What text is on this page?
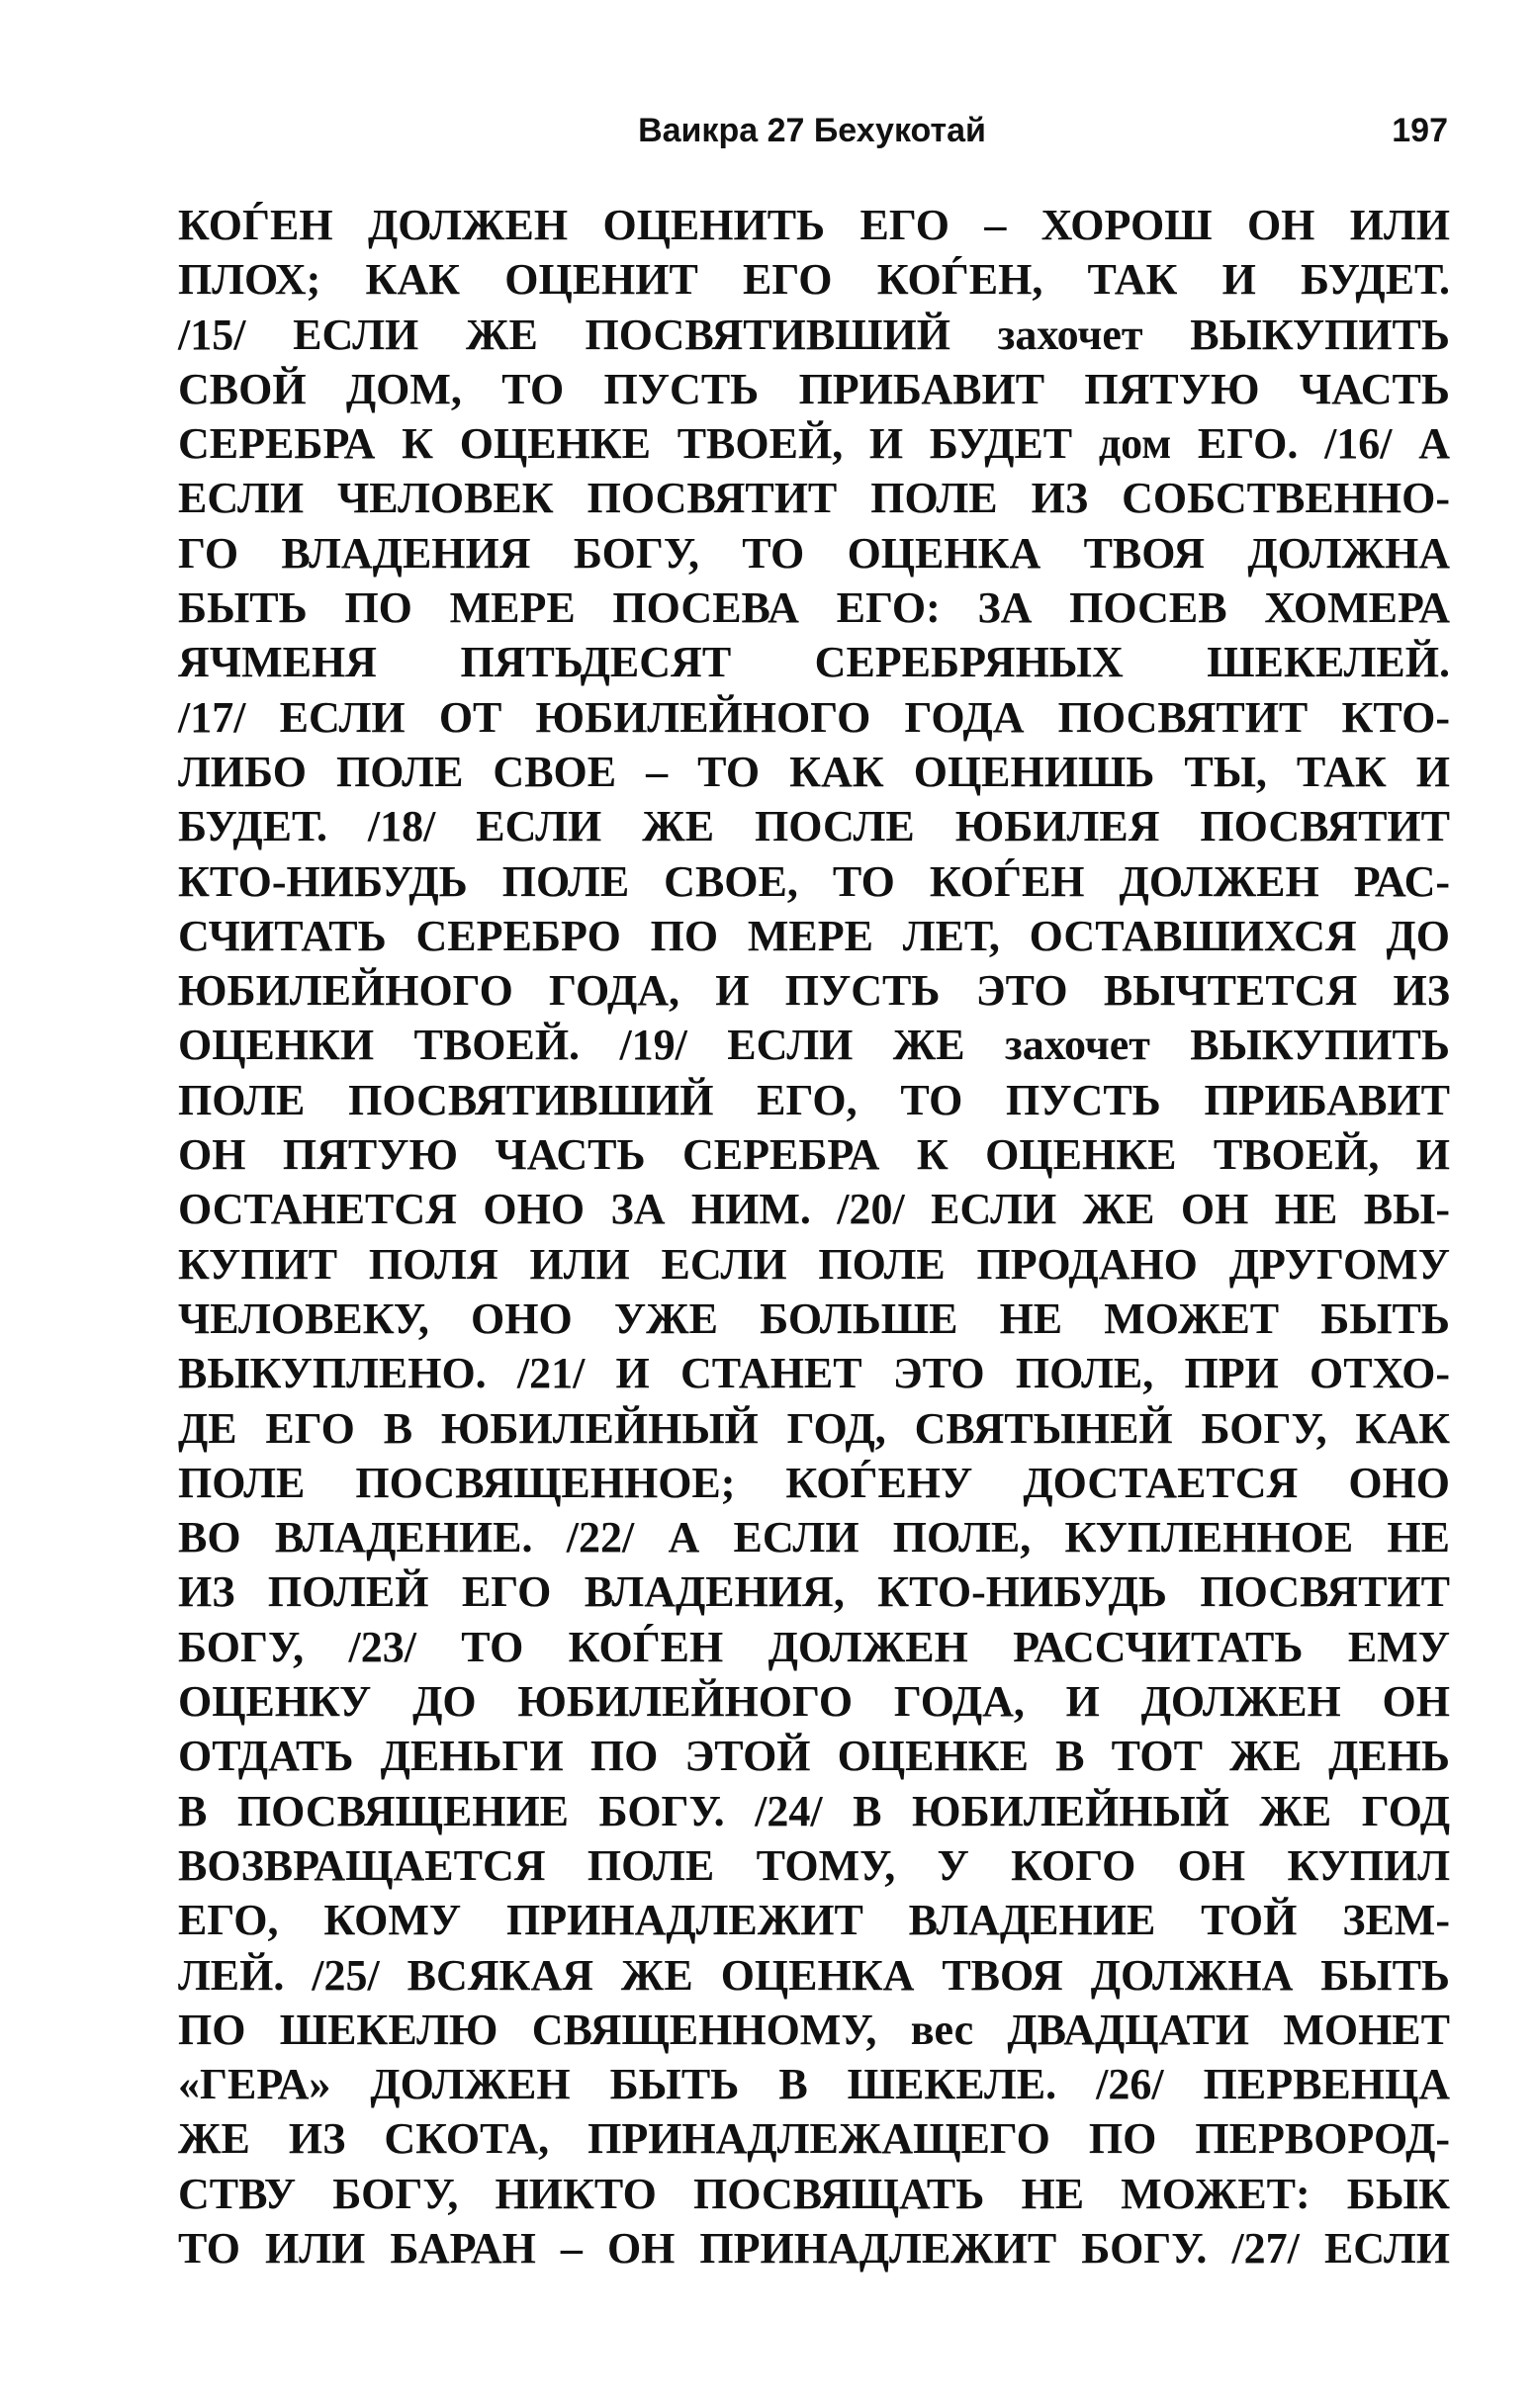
Ваикра 27 Бехукотай	197
КОЃЕН ДОЛЖЕН ОЦЕНИТЬ ЕГО – ХОРОШ ОН ИЛИ
ПЛОХ; КАК ОЦЕНИТ ЕГО КОЃЕН, ТАК И БУДЕТ.
/15/ ЕСЛИ ЖЕ ПОСВЯТИВШИЙ захочет ВЫКУПИТЬ
СВОЙ ДОМ, ТО ПУСТЬ ПРИБАВИТ ПЯТУЮ ЧАСТЬ
СЕРЕБРА К ОЦЕНКЕ ТВОЕЙ, И БУДЕТ дом ЕГО. /16/ А
ЕСЛИ ЧЕЛОВЕК ПОСВЯТИТ ПОЛЕ ИЗ СОБСТВЕННО-
ГО ВЛАДЕНИЯ БОГУ, ТО ОЦЕНКА ТВОЯ ДОЛЖНА
БЫТЬ ПО МЕРЕ ПОСЕВА ЕГО: ЗА ПОСЕВ ХОМЕРА
ЯЧМЕНЯ ПЯТЬДЕСЯТ СЕРЕБРЯНЫХ ШЕКЕЛЕЙ.
/17/ ЕСЛИ ОТ ЮБИЛЕЙНОГО ГОДА ПОСВЯТИТ КТО-
ЛИБО ПОЛЕ СВОЕ – ТО КАК ОЦЕНИШЬ ТЫ, ТАК И
БУДЕТ. /18/ ЕСЛИ ЖЕ ПОСЛЕ ЮБИЛЕЯ ПОСВЯТИТ
КТО-НИБУДЬ ПОЛЕ СВОЕ, ТО КОЃЕН ДОЛЖЕН РАС-
СЧИТАТЬ СЕРЕБРО ПО МЕРЕ ЛЕТ, ОСТАВШИХСЯ ДО
ЮБИЛЕЙНОГО ГОДА, И ПУСТЬ ЭТО ВЫЧТЕТСЯ ИЗ
ОЦЕНКИ ТВОЕЙ. /19/ ЕСЛИ ЖЕ захочет ВЫКУПИТЬ
ПОЛЕ ПОСВЯТИВШИЙ ЕГО, ТО ПУСТЬ ПРИБАВИТ
ОН ПЯТУЮ ЧАСТЬ СЕРЕБРА К ОЦЕНКЕ ТВОЕЙ, И
ОСТАНЕТСЯ ОНО ЗА НИМ. /20/ ЕСЛИ ЖЕ ОН НЕ ВЫ-
КУПИТ ПОЛЯ ИЛИ ЕСЛИ ПОЛЕ ПРОДАНО ДРУГОМУ
ЧЕЛОВЕКУ, ОНО УЖЕ БОЛЬШЕ НЕ МОЖЕТ БЫТЬ
ВЫКУПЛЕНО. /21/ И СТАНЕТ ЭТО ПОЛЕ, ПРИ ОТХО-
ДЕ ЕГО В ЮБИЛЕЙНЫЙ ГОД, СВЯТЫНЕЙ БОГУ, КАК
ПОЛЕ ПОСВЯЩЕННОЕ; КОЃЕНУ ДОСТАЕТСЯ ОНО
ВО ВЛАДЕНИЕ. /22/ А ЕСЛИ ПОЛЕ, КУПЛЕННОЕ НЕ
ИЗ ПОЛЕЙ ЕГО ВЛАДЕНИЯ, КТО-НИБУДЬ ПОСВЯТИТ
БОГУ, /23/ ТО КОЃЕН ДОЛЖЕН РАССЧИТАТЬ ЕМУ
ОЦЕНКУ ДО ЮБИЛЕЙНОГО ГОДА, И ДОЛЖЕН ОН
ОТДАТЬ ДЕНЬГИ ПО ЭТОЙ ОЦЕНКЕ В ТОТ ЖЕ ДЕНЬ
В ПОСВЯЩЕНИЕ БОГУ. /24/ В ЮБИЛЕЙНЫЙ ЖЕ ГОД
ВОЗВРАЩАЕТСЯ ПОЛЕ ТОМУ, У КОГО ОН КУПИЛ
ЕГО, КОМУ ПРИНАДЛЕЖИТ ВЛАДЕНИЕ ТОЙ ЗЕМ-
ЛЕЙ. /25/ ВСЯКАЯ ЖЕ ОЦЕНКА ТВОЯ ДОЛЖНА БЫТЬ
ПО ШЕКЕЛЮ СВЯЩЕННОМУ, вес ДВАДЦАТИ МОНЕТ
«ГЕРА» ДОЛЖЕН БЫТЬ В ШЕКЕЛЕ. /26/ ПЕРВЕНЦА
ЖЕ ИЗ СКОТА, ПРИНАДЛЕЖАЩЕГО ПО ПЕРВОРОД-
СТВУ БОГУ, НИКТО ПОСВЯЩАТЬ НЕ МОЖЕТ: БЫК
ТО ИЛИ БАРАН – ОН ПРИНАДЛЕЖИТ БОГУ. /27/ ЕСЛИ
